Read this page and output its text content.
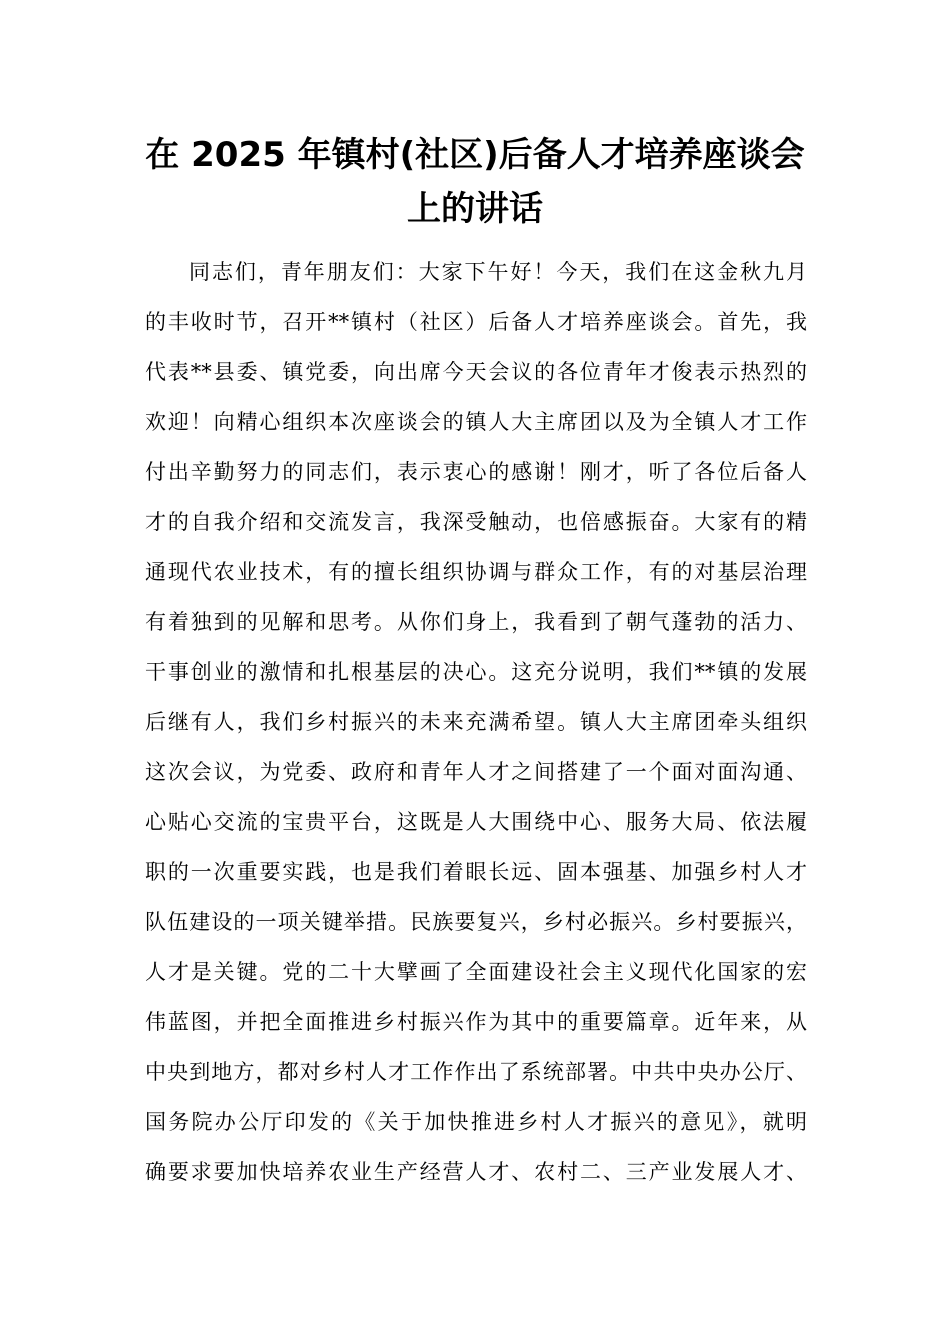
在 2025 年镇村(社区)后备人才培养座谈会
上的讲话
同志们，青年朋友们：大家下午好！今天，我们在这金秋九月
的丰收时节，召开**镇村（社区）后备人才培养座谈会。首先，我
代表**县委、镇党委，向出席今天会议的各位青年才俊表示热烈的
欢迎！向精心组织本次座谈会的镇人大主席团以及为全镇人才工作
付出辛勤努力的同志们，表示衷心的感谢！刚才，听了各位后备人
才的自我介绍和交流发言，我深受触动，也倍感振奋。大家有的精
通现代农业技术，有的擅长组织协调与群众工作，有的对基层治理
有着独到的见解和思考。从你们身上，我看到了朝气蓬勃的活力、
干事创业的激情和扎根基层的决心。这充分说明，我们**镇的发展
后继有人，我们乡村振兴的未来充满希望。镇人大主席团牵头组织
这次会议，为党委、政府和青年人才之间搭建了一个面对面沟通、
心贴心交流的宝贵平台，这既是人大围绕中心、服务大局、依法履
职的一次重要实践，也是我们着眼长远、固本强基、加强乡村人才
队伍建设的一项关键举措。民族要复兴，乡村必振兴。乡村要振兴，
人才是关键。党的二十大擘画了全面建设社会主义现代化国家的宏
伟蓝图，并把全面推进乡村振兴作为其中的重要篇章。近年来，从
中央到地方，都对乡村人才工作作出了系统部署。中共中央办公厅、
国务院办公厅印发的《关于加快推进乡村人才振兴的意见》，就明
确要求要加快培养农业生产经营人才、农村二、三产业发展人才、
